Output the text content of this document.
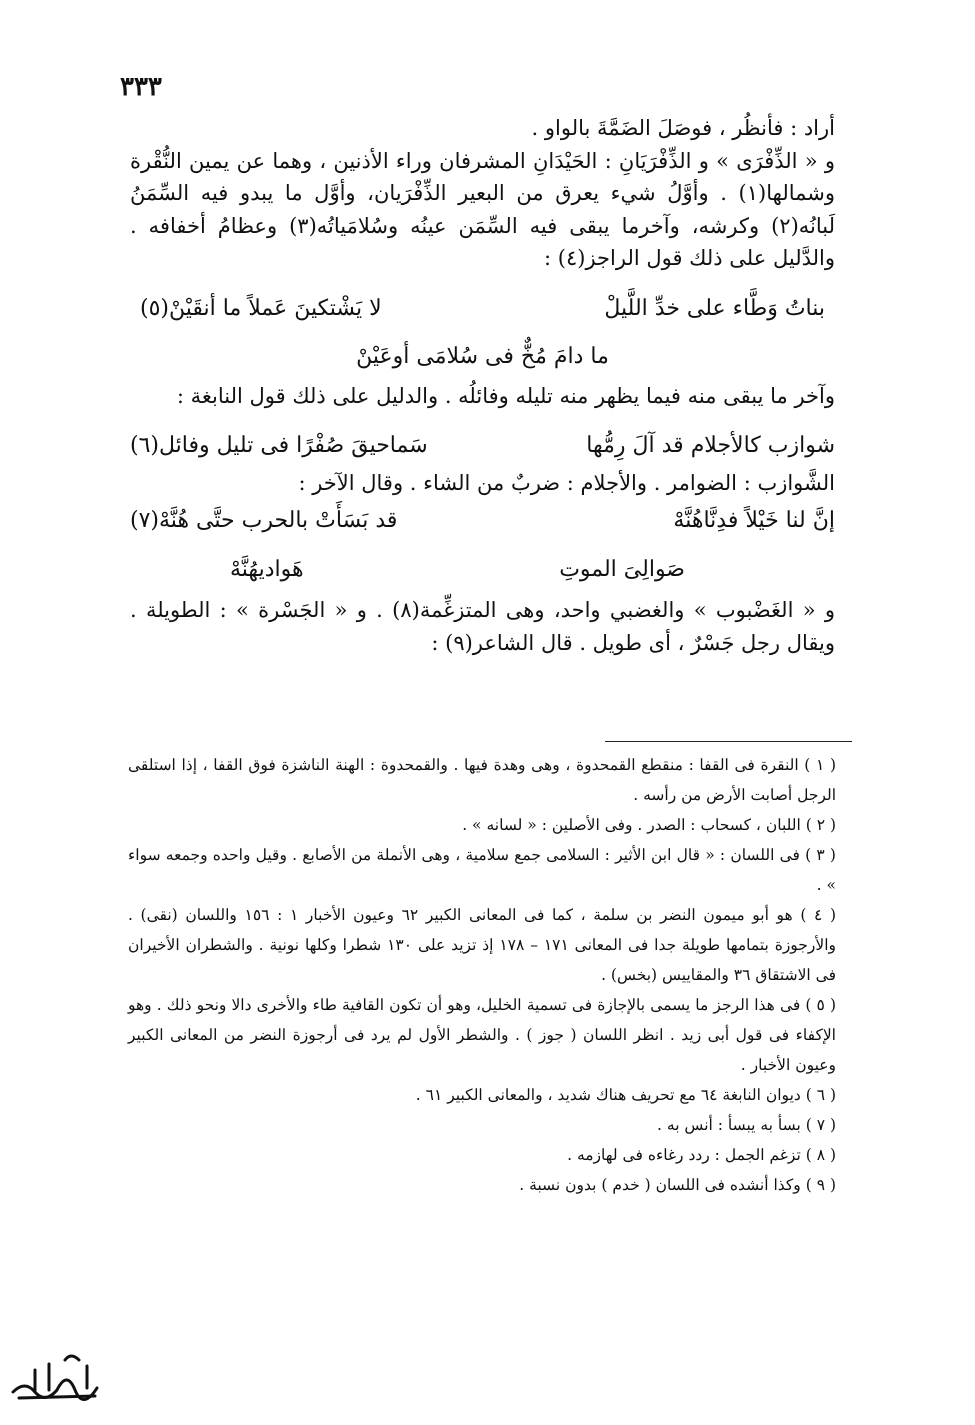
٣٣٣

أراد : فأنظُر ، فوصَلَ الضَمَّةَ بالواو .

و « الذِّفْرَى » و الذِّفْرَيَانِ : الحَيْدَانِ المشرفان وراء الأذنين ، وهما عن يمين النُّقْرة وشمالها(١) . وأوَّلُ شيء يعرق من البعير الذِّفْرَيان، وأوَّل ما يبدو فيه السِّمَنُ لَبانُه(٢) وكرشه، وآخرما يبقى فيه السِّمَن عينُه وسُلامَياتُه(٣) وعظامُ أخفافه . والدَّليل على ذلك قول الراجز(٤) :

بناتُ وَطَّاء على خدِّ اللَّيلْ
لا يَشْتكينَ عَملاً ما أنقَيْنْ(٥)
ما دامَ مُخٌّ فى سُلامَى أوعَيْنْ

وآخر ما يبقى منه فيما يظهر منه تليله وفائلُه . والدليل على ذلك قول النابغة :

شوازب كالأجلام قد آلَ رِمُّها
سَماحيقَ صُفْرًا فى تليل وفائل(٦)

الشَّوازب : الضوامر . والأجلام : ضربٌ من الشاء . وقال الآخر :

إنَّ لنا خَيْلاً فدِنَّاهُنَّهْ
قد بَسَأَتْ بالحرب حتَّى هُنَّهْ(٧)
صَوالِىَ الموتِ
هَواديهُنَّهْ

و « الغَضْبوب » والغضبي واحد، وهى المتزغِّمة(٨) . و « الجَسْرة » : الطويلة . ويقال رجل جَسْرٌ ، أى طويل . قال الشاعر(٩) :

( ١ ) النقرة فى القفا : منقطع القمحدوة ، وهى وهدة فيها . والقمحدوة : الهنة الناشزة فوق القفا ، إذا استلقى الرجل أصابت الأرض من رأسه .

( ٢ ) اللبان ، كسحاب : الصدر . وفى الأصلين : « لسانه » .

( ٣ ) فى اللسان : « قال ابن الأثير : السلامى جمع سلامية ، وهى الأنملة من الأصابع . وقيل واحده وجمعه سواء » .

( ٤ ) هو أبو ميمون النضر بن سلمة ، كما فى المعانى الكبير ٦٢ وعيون الأخبار ١ : ١٥٦ واللسان (نقى) . والأرجوزة بتمامها طويلة جدا فى المعانى ١٧١ – ١٧٨ إذ تزيد على ١٣٠ شطرا وكلها نونية . والشطران الأخيران فى الاشتقاق ٣٦ والمقاييس (بخس) .

( ٥ ) فى هذا الرجز ما يسمى بالإجازة فى تسمية الخليل، وهو أن تكون القافية طاء والأخرى دالا ونحو ذلك . وهو الإكفاء فى قول أبى زيد . انظر اللسان ( جوز ) . والشطر الأول لم يرد فى أرجوزة النضر من المعانى الكبير وعيون الأخبار .

( ٦ ) ديوان النابغة ٦٤ مع تحريف هناك شديد ، والمعانى الكبير ٦١ .

( ٧ ) بسأ به يبسأ : أنس به .

( ٨ ) تزغم الجمل : ردد رغاءه فى لهازمه .

( ٩ ) وكذا أنشده فى اللسان ( خدم ) بدون نسبة .
